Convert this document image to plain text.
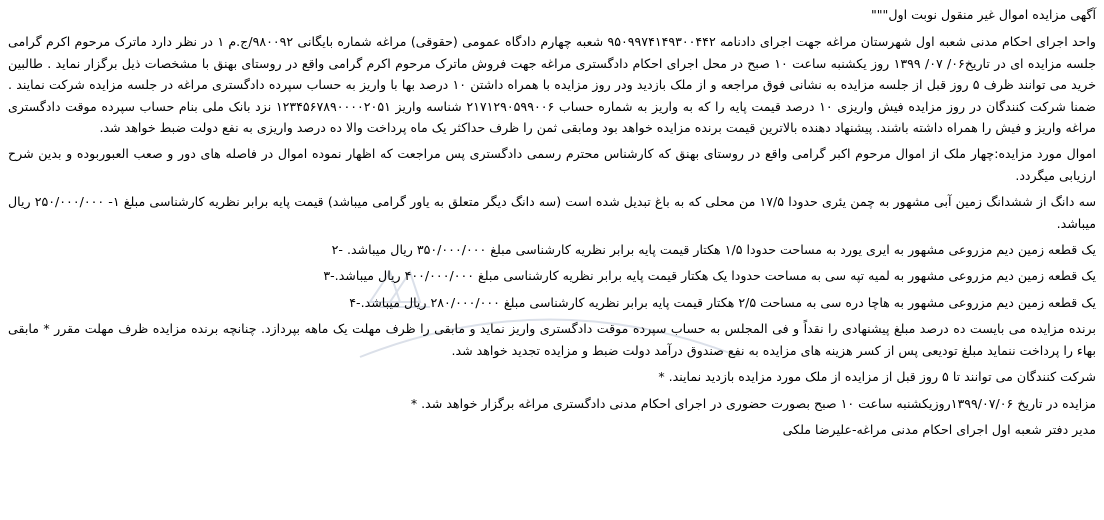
آگهی مزایده اموال غیر منقول نوبت اول"""

واحد اجرای احکام مدنی شعبه اول شهرستان مراغه جهت اجرای دادنامه ۹۵۰۹۹۷۴۱۴۹۳۰۰۴۴۲ شعبه چهارم دادگاه عمومی (حقوقی) مراغه شماره بایگانی ۹۸۰۰۹۲/ج.م ۱ در نظر دارد ماترک مرحوم اکرم گرامی جلسه مزایده ای در تاریخ۰۶/ ۰۷/ ۱۳۹۹ روز یکشنبه ساعت ۱۰ صبح در محل اجرای احکام دادگستری مراغه جهت فروش ماترک مرحوم اکرم گرامی واقع در روستای بهنق با مشخصات ذیل برگزار نماید . طالبین خرید می توانند ظرف ۵ روز قبل از جلسه مزایده به نشانی فوق مراجعه و از ملک بازدید ودر روز مزایده با همراه داشتن ۱۰ درصد بها با واریز به حساب سپرده دادگستری مراغه در جلسه مزایده شرکت نمایند . ضمنا شرکت کنندگان در روز مزایده فیش واریزی ۱۰ درصد قیمت پایه را که به واریز به شماره حساب ۲۱۷۱۲۹۰۵۹۹۰۰۶ شناسه واریز ۱۲۳۴۵۶۷۸۹۰۰۰۰۲۰۵۱ نزد بانک ملی بنام حساب سپرده موقت دادگستری مراغه واریز و فیش را همراه داشته باشند. پیشنهاد دهنده بالاترین قیمت برنده مزایده خواهد بود ومابقی ثمن را ظرف حداکثر یک ماه پرداخت والا ده درصد واریزی به نفع دولت ضبط خواهد شد.

اموال مورد مزایده:چهار ملک از اموال مرحوم اکبر گرامی واقع در روستای بهنق که کارشناس محترم رسمی دادگستری پس مراجعت که اظهار نموده اموال در فاصله های دور و صعب العبوربوده و بدین شرح ارزیابی میگردد.

سه دانگ از ششدانگ زمین آبی مشهور به چمن یئری حدودا ۱۷/۵ من محلی که به باغ تبدیل شده است (سه دانگ دیگر متعلق به یاور گرامی میباشد) قیمت پایه برابر نظریه کارشناسی مبلغ ۱- ۲۵۰/۰۰۰/۰۰۰ ریال میباشد.

یک قطعه زمین دیم مزروعی مشهور به ایری یورد به مساحت حدودا ۱/۵ هکتار قیمت پایه برابر نظریه کارشناسی مبلغ ۳۵۰/۰۰۰/۰۰۰ ریال میباشد. -۲

یک قطعه زمین دیم مزروعی مشهور به لمیه تپه سی به مساحت حدودا یک هکتار قیمت پایه برابر نظریه کارشناسی مبلغ ۴۰۰/۰۰۰/۰۰۰ ریال میباشد.-۳

یک قطعه زمین دیم مزروعی مشهور به هاچا دره سی به مساحت ۲/۵ هکتار قیمت پایه برابر نظریه کارشناسی مبلغ ۲۸۰/۰۰۰/۰۰۰ ریال میباشد.-۴

برنده مزایده می بایست ده درصد مبلغ پیشنهادی را نقداً و فی المجلس به حساب سپرده موقت دادگستری واریز نماید و مابقی را ظرف مهلت یک ماهه بپردازد. چنانچه برنده مزایده ظرف مهلت مقرر * مابقی بهاء را پرداخت ننماید مبلغ تودیعی پس از کسر هزینه های مزایده به نفع صندوق درآمد دولت ضبط و مزایده تجدید خواهد شد.

شرکت کنندگان می توانند تا ۵ روز قبل از مزایده از ملک مورد مزایده بازدید نمایند. *

مزایده در تاریخ ۱۳۹۹/۰۷/۰۶روزیکشنبه ساعت ۱۰ صبح بصورت حضوری در اجرای احکام مدنی دادگستری مراغه برگزار خواهد شد. *

مدیر دفتر شعبه اول اجرای احکام مدنی مراغه-علیرضا ملکی
